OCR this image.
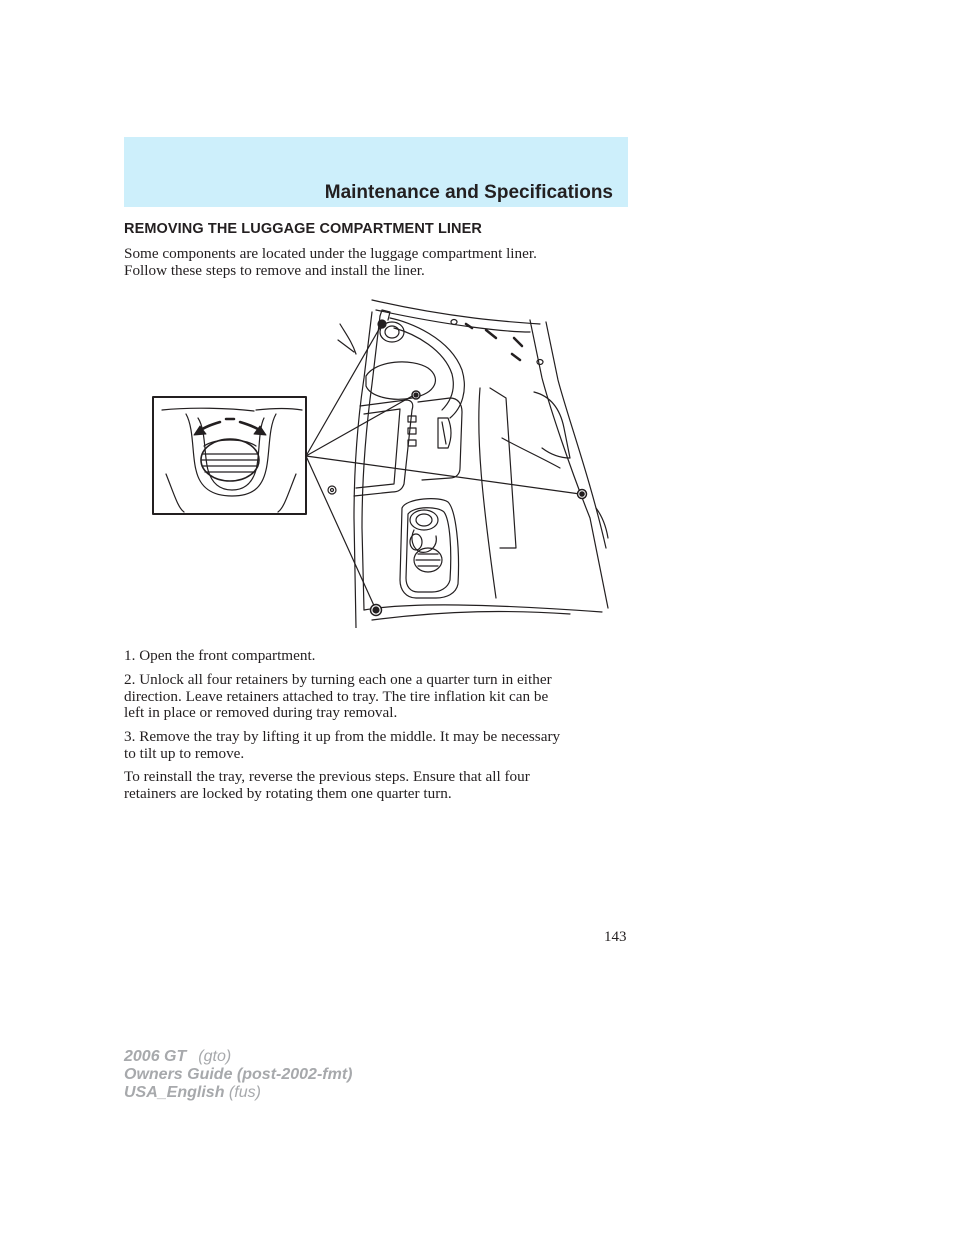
Maintenance and Specifications
REMOVING THE LUGGAGE COMPARTMENT LINER

Some components are located under the luggage compartment liner.
Follow these steps to remove and install the liner.

1. Open the front compartment.

2. Unlock all four retainers by turning each one a quarter turn in either
direction. Leave retainers attached to tray. The tire inflation kit can be
left in place or removed during tray removal.

3. Remove the tray by lifting it up from the middle. It may be necessary
to tilt up to remove.

To reinstall the tray, reverse the previous steps. Ensure that all four
retainers are locked by rotating them one quarter turn.

143
2006 GT (gto)
Owners Guide (post-2002-fmt)
USA_English (fus)
